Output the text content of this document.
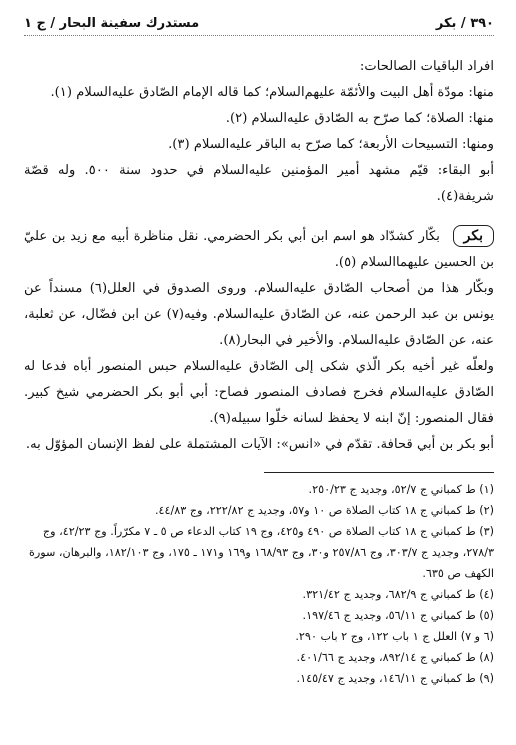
٣٩٠ / بكر
مستدرك سفينة البحار / ج ١

افراد الباقيات الصالحات:

منها: مودّة أهل البيت والأئمّة عليهم‌السلام؛ كما قاله الإمام الصّادق عليه‌السلام (١).

منها: الصلاة؛ كما صرّح به الصّادق عليه‌السلام (٢).

ومنها: التسبيحات الأربعة؛ كما صرّح به الباقر عليه‌السلام (٣).

أبو البقاء: قيّم مشهد أمير المؤمنين عليه‌السلام في حدود سنة ٥٠٠. وله قصّة شريفة(٤).

بكر بكّار كشدّاد هو اسم ابن أبي بكر الحضرمي. نقل مناظرة أبيه مع زيد بن عليّ بن الحسين عليهما‌السلام (٥).

وبكّار هذا من أصحاب الصّادق عليه‌السلام. وروى الصدوق في العلل(٦) مسنداً عن يونس بن عبد الرحمن عنه، عن الصّادق عليه‌السلام. وفيه(٧) عن ابن فضّال، عن ثعلبة، عنه، عن الصّادق عليه‌السلام. والأخير في البحار(٨).

ولعلّه غير أخيه بكر الّذي شكى إلى الصّادق عليه‌السلام حبس المنصور أباه فدعا له الصّادق عليه‌السلام فخرج فصادف المنصور فصاح: أبي أبو بكر الحضرمي شيخ كبير. فقال المنصور: إنّ ابنه لا يحفظ لسانه خلّوا سبيله(٩).

أبو بكر بن أبي قحافة. تقدّم في «انس»: الآيات المشتملة على لفظ الإنسان المؤوّل به.

(١) ط كمباني ج ٥٢/٧، وجديد ج ٢٥٠/٢٣.

(٢) ط كمباني ج ١٨ كتاب الصلاة ص ١٠ و٥٧، وجديد ج ٢٢٢/٨٢، وج ٤٤/٨٣.

(٣) ط كمباني ج ١٨ كتاب الصلاة ص ٤٩٠ و٤٢٥، وج ١٩ كتاب الدعاء ص ٥ ـ ٧ مكرّراً. وج ٤٢/٢٣، وج ٢٧٨/٣، وجديد ج ٣٠٣/٧، وج ٢٥٧/٨٦ و٣٠، وج ١٦٨/٩٣ و١٦٩ و١٧١ ـ ١٧٥، وج ١٨٢/١٠٣، والبرهان، سورة الكهف ص ٦٣٥.

(٤) ط كمباني ج ٦٨٢/٩، وجديد ج ٣٢١/٤٢.

(٥) ط كمباني ج ٥٦/١١، وجديد ج ١٩٧/٤٦.

(٦ و ٧) العلل ج ١ باب ١٢٢، وج ٢ باب ٢٩٠.

(٨) ط كمباني ج ٨٩٢/١٤، وجديد ج ٤٠١/٦٦.

(٩) ط كمباني ج ١٤٦/١١، وجديد ج ١٤٥/٤٧.
